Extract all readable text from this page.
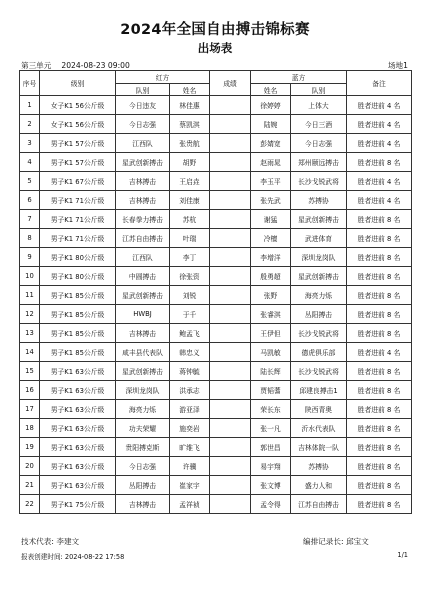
2024年全国自由搏击锦标赛
出场表
第三单元 2024-08-23 09:00	场地1
序号	级别	红方		成绩	蓝方		备注
		队别	姓名		姓名	队别	
1	女子K1 56公斤级	今日违友	林佳惠		徐婷婷	上体大	胜者进前 4 名
2	女子K1 56公斤级	今日志强	蔡凯淇		陆婉	今日三酒	胜者进前 4 名
3	男子K1 57公斤级	江西队	张贵航		彭婧宽	今日志强	胜者进前 4 名
4	男子K1 57公斤级	星武创新搏击	胡野		赵雨晁	郑州颐远搏击	胜者进前 8 名
5	男子K1 67公斤级	吉林搏击	王启垚		李玉平	长沙戈锐武将	胜者进前 4 名
6	男子K1 71公斤级	吉林搏击	刘佳康		张先武	苏搏协	胜者进前 4 名
7	男子K1 71公斤级	长春拳力搏击	苏杭		谢猛	星武创新搏击	胜者进前 8 名
8	男子K1 71公斤级	江苏自由搏击	叶瑞		冷檀	武进体育	胜者进前 8 名
9	男子K1 80公斤级	江西队	李丁		李增洋	深圳龙岗队	胜者进前 8 名
10	男子K1 80公斤级	中圆搏击	徐张资		殷勇超	星武创新搏击	胜者进前 8 名
11	男子K1 85公斤级	星武创新搏击	刘锐		张野	海亮力烁	胜者进前 8 名
12	男子K1 85公斤级	HWBJ	于千		张睿淇	丛阳搏击	胜者进前 8 名
13	男子K1 85公斤级	吉林搏击	鲍孟飞		王伊但	长沙戈锐武将	胜者进前 8 名
14	男子K1 85公斤级	咸丰县代表队	韩忠义		马凯敏	德虎俱乐部	胜者进前 4 名
15	男子K1 63公斤级	星武创新搏击	蒋钟毓		陆长辉	长沙戈锐武将	胜者进前 8 名
16	男子K1 63公斤级	深圳龙岗队	洪承志		贾韬蓍	邱建良搏击1	胜者进前 8 名
17	男子K1 63公斤级	海亮力烁	游亚泽		荣长东	陕西青奥	胜者进前 8 名
18	男子K1 63公斤级	功夫荣耀	施奕岩		张一凡	沂水代表队	胜者进前 8 名
19	男子K1 63公斤级	贵阳搏克斯	旷维飞		郭世昌	吉林体院一队	胜者进前 8 名
20	男子K1 63公斤级	今日志强	许骥		易宇翔	苏搏协	胜者进前 8 名
21	男子K1 63公斤级	丛阳搏击	崔家宇		张文博	盛力人和	胜者进前 8 名
22	男子K1 75公斤级	吉林搏击	孟祥祯		孟令得	江苏自由搏击	胜者进前 8 名
技术代表: 李建文	编排记录长: 邱宝文
报表创建时间: 2024-08-22 17:58	1/1
